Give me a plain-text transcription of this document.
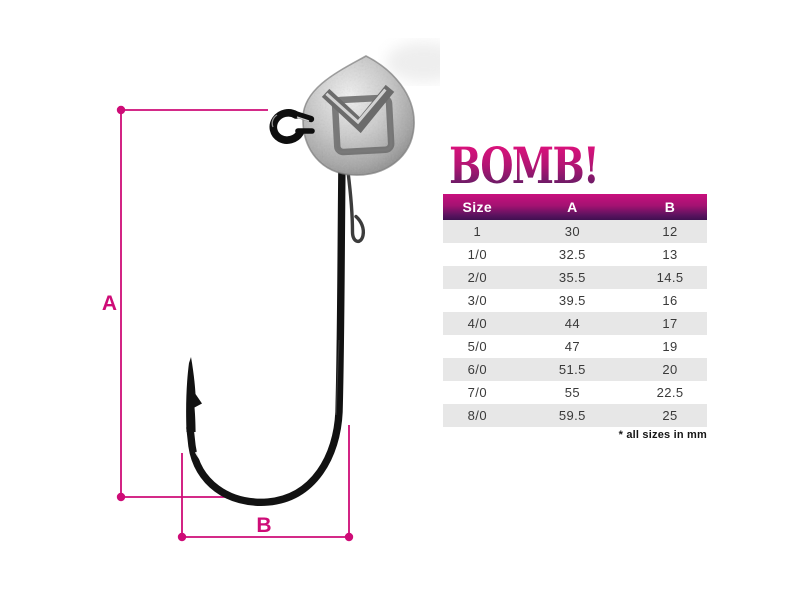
A
B
BOMB!
Size	A	B
1	30	12
1/0	32.5	13
2/0	35.5	14.5
3/0	39.5	16
4/0	44	17
5/0	47	19
6/0	51.5	20
7/0	55	22.5
8/0	59.5	25
* all sizes in mm
